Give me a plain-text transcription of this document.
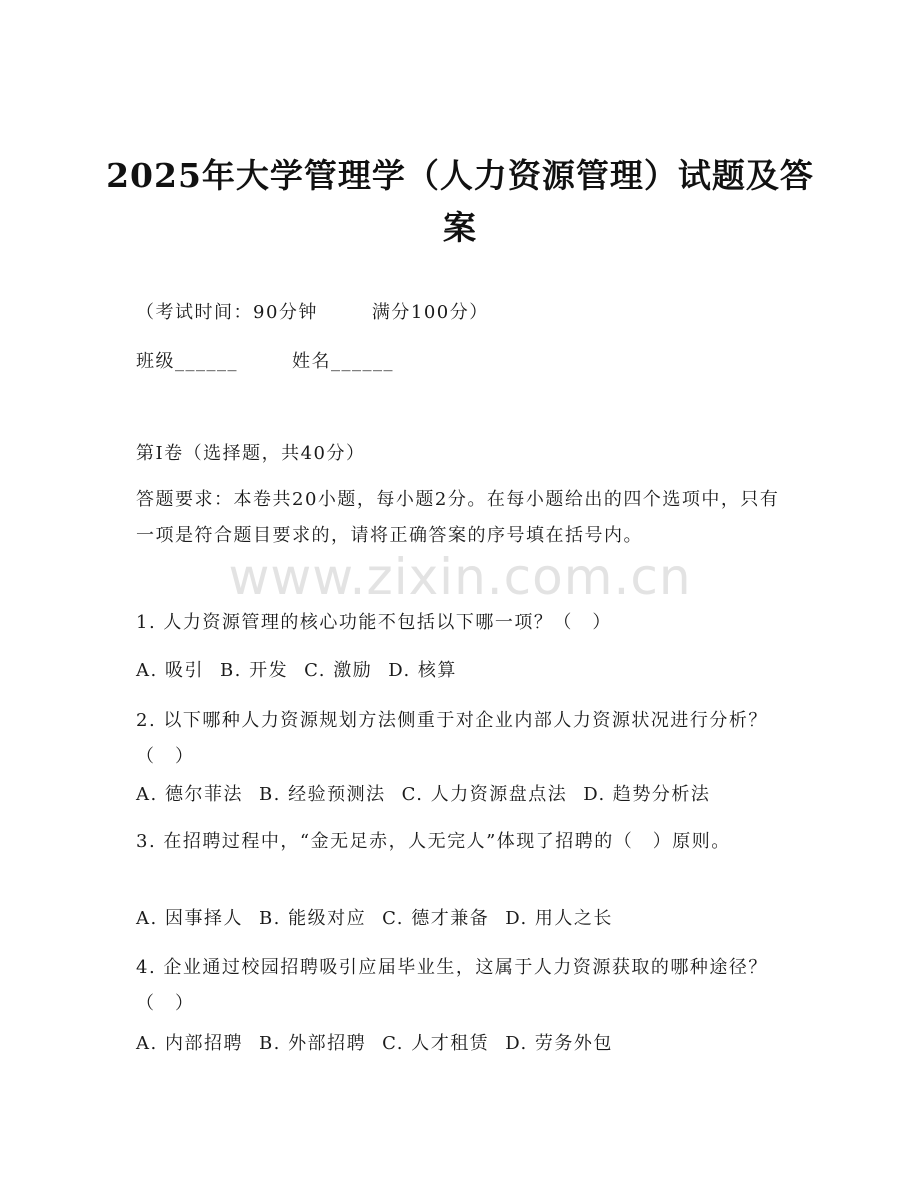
www.zixin.com.cn
2025年大学管理学（人力资源管理）试题及答案
（考试时间：90分钟	满分100分）
班级______	姓名______
第Ⅰ卷（选择题，共40分）
答题要求：本卷共20小题，每小题2分。在每小题给出的四个选项中，只有一项是符合题目要求的，请将正确答案的序号填在括号内。
1. 人力资源管理的核心功能不包括以下哪一项？（　）
A. 吸引 B. 开发 C. 激励 D. 核算
2. 以下哪种人力资源规划方法侧重于对企业内部人力资源状况进行分析？（　）
A. 德尔菲法 B. 经验预测法 C. 人力资源盘点法 D. 趋势分析法
3. 在招聘过程中，“金无足赤，人无完人”体现了招聘的（　）原则。
A. 因事择人 B. 能级对应 C. 德才兼备 D. 用人之长
4. 企业通过校园招聘吸引应届毕业生，这属于人力资源获取的哪种途径？（　）
A. 内部招聘 B. 外部招聘 C. 人才租赁 D. 劳务外包
